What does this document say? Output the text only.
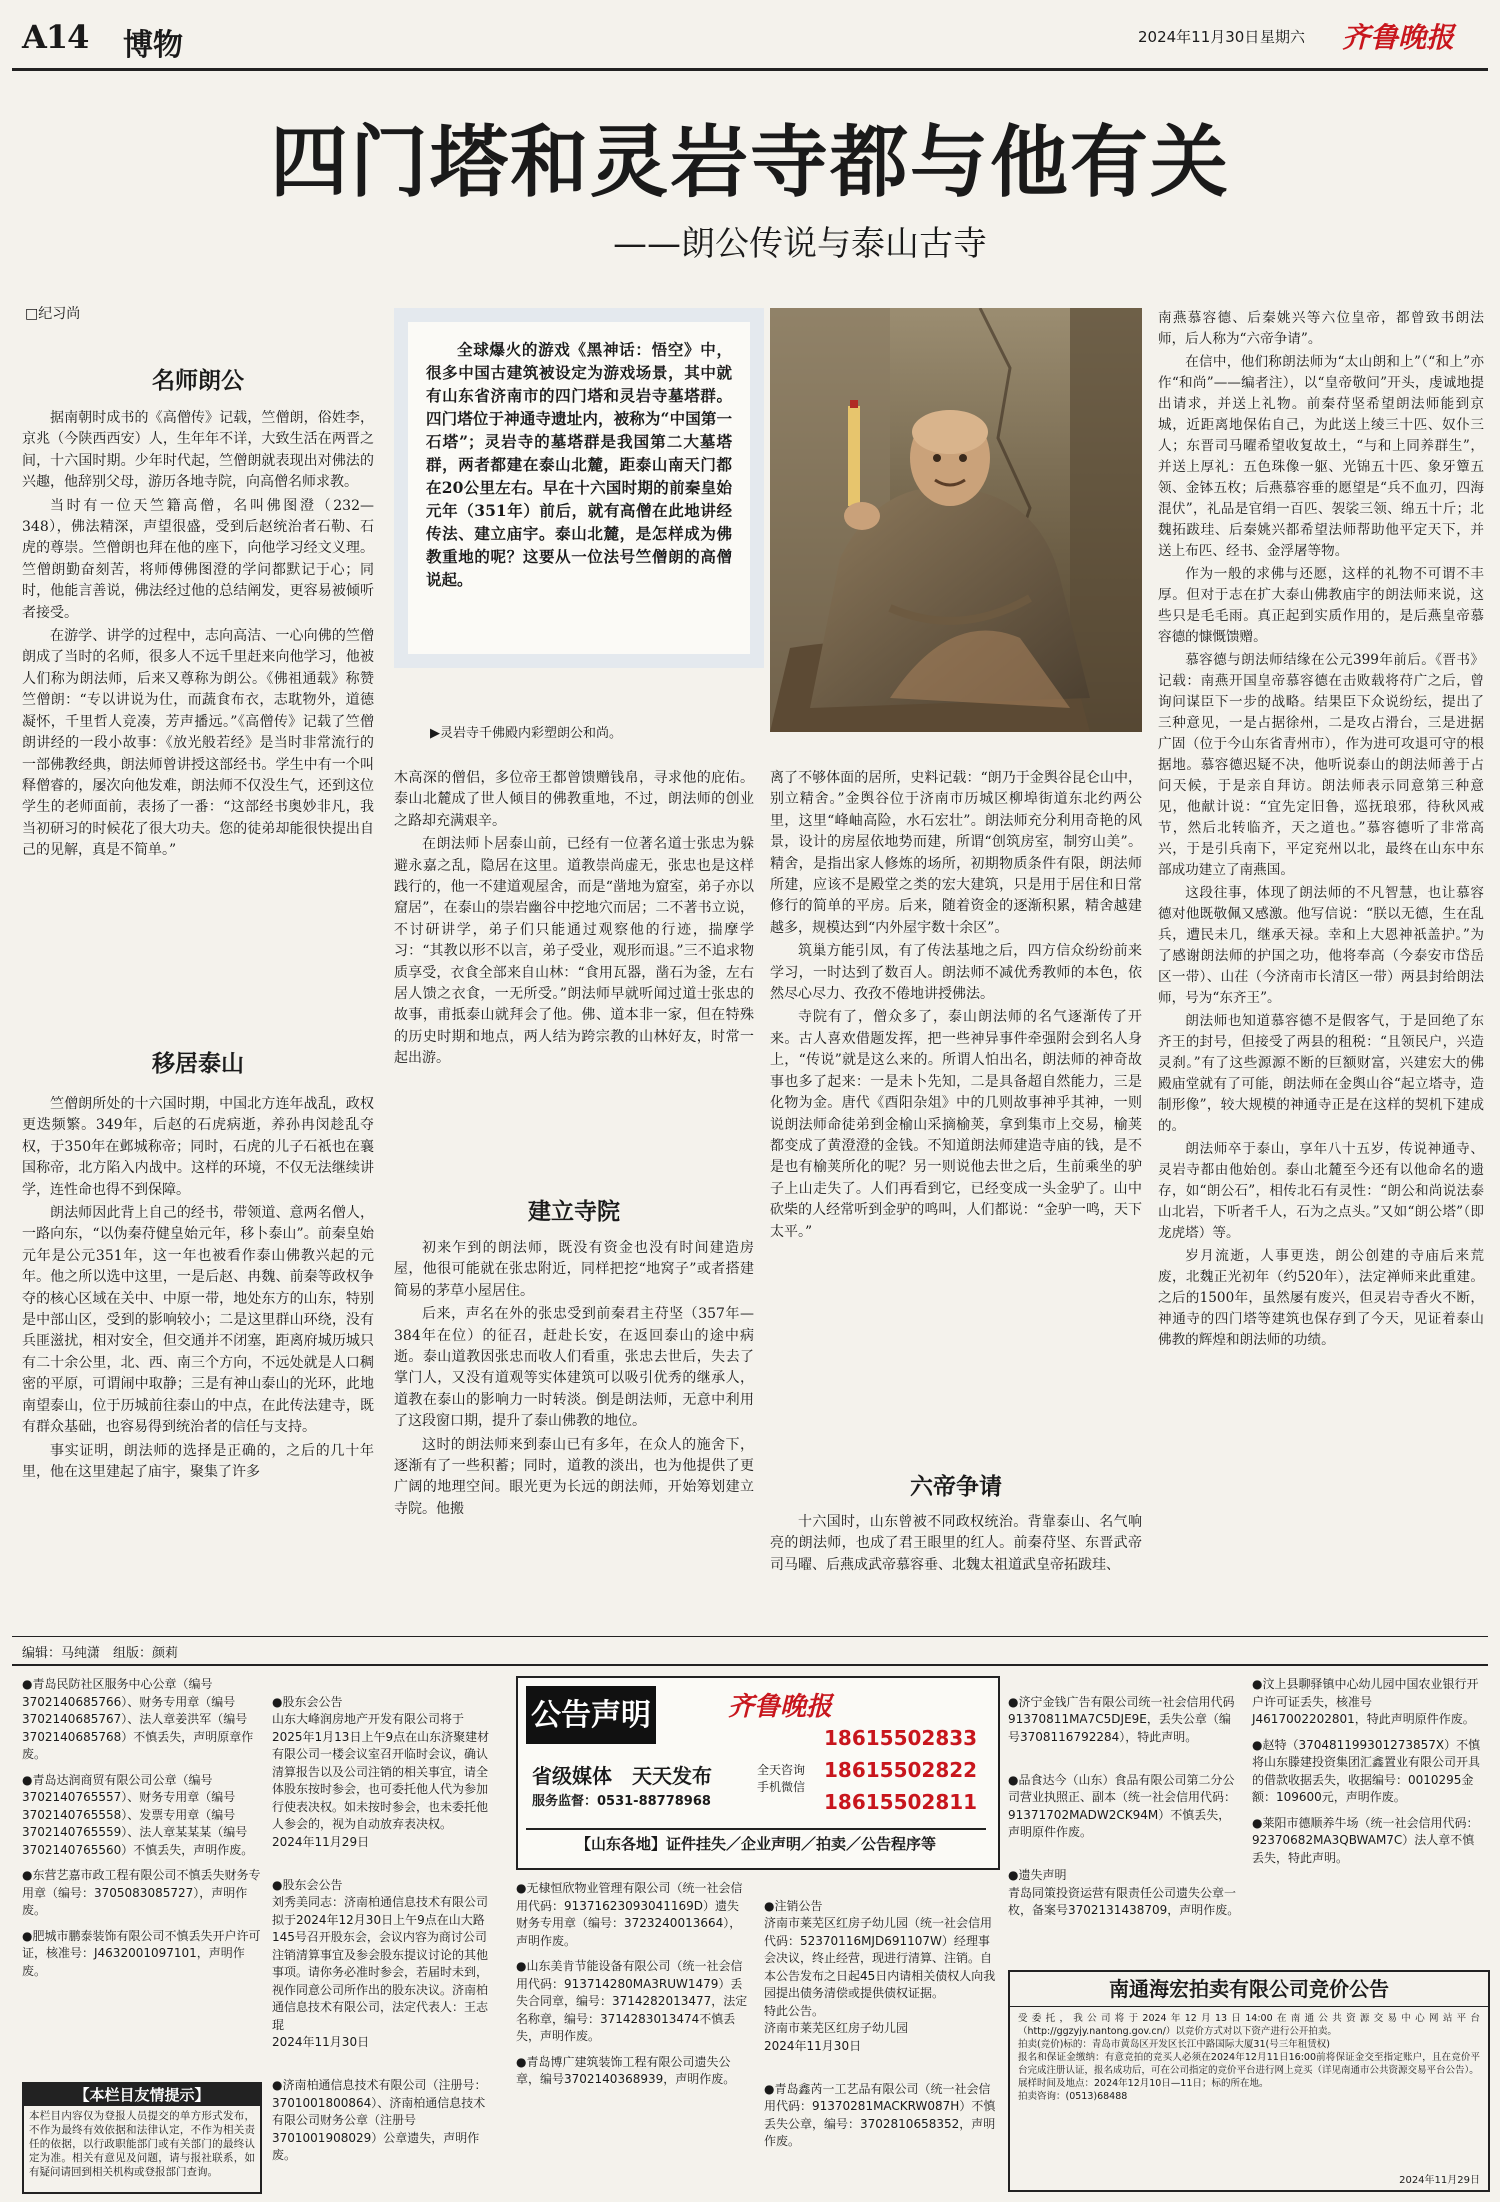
A14 博物	2024年11月30日 星期六 齐鲁晚报
四门塔和灵岩寺都与他有关
——朗公传说与泰山古寺
□纪习尚
全球爆火的游戏《黑神话：悟空》中，很多中国古建筑被设定为游戏场景，其中就有山东省济南市的四门塔和灵岩寺墓塔群。四门塔位于神通寺遗址内，被称为“中国第一石塔”；灵岩寺的墓塔群是我国第二大墓塔群，两者都建在泰山北麓，距泰山南天门都在20公里左右。早在十六国时期的前秦皇始元年（351年）前后，就有高僧在此地讲经传法、建立庙宇。泰山北麓，是怎样成为佛教重地的呢？这要从一位法号竺僧朗的高僧说起。
▶灵岩寺千佛殿内彩塑朗公和尚。
名师朗公

据南朝时成书的《高僧传》记载，竺僧朗，俗姓李，京兆（今陕西西安）人，生年年不详，大致生活在两晋之间，十六国时期。少年时代起，竺僧朗就表现出对佛法的兴趣，他辞别父母，游历各地寺院，向高僧名师求教。

当时有一位天竺籍高僧，名叫佛图澄（232—348），佛法精深，声望很盛，受到后赵统治者石勒、石虎的尊崇。竺僧朗也拜在他的座下，向他学习经文义理。竺僧朗勤奋刻苦，将师傅佛图澄的学问都默记于心；同时，他能言善说，佛法经过他的总结阐发，更容易被倾听者接受。

在游学、讲学的过程中，志向高洁、一心向佛的竺僧朗成了当时的名师，很多人不远千里赶来向他学习，他被人们称为朗法师，后来又尊称为朗公。《佛祖通载》称赞竺僧朗：“专以讲说为仕，而蔬食布衣，志耽物外，道德凝怀，千里哲人竞凑，芳声播远。”《高僧传》记载了竺僧朗讲经的一段小故事：《放光般若经》是当时非常流行的一部佛教经典，朗法师曾讲授这部经书。学生中有一个叫释僧睿的，屡次向他发难，朗法师不仅没生气，还到这位学生的老师面前，表扬了一番：“这部经书奥妙非凡，我当初研习的时候花了很大功夫。您的徒弟却能很快提出自己的见解，真是不简单。”

移居泰山

竺僧朗所处的十六国时期，中国北方连年战乱，政权更迭频繁。349年，后赵的石虎病逝，养孙冉闵趁乱夺权，于350年在邺城称帝；同时，石虎的儿子石祇也在襄国称帝，北方陷入内战中。这样的环境，不仅无法继续讲学，连性命也得不到保障。

朗法师因此背上自己的经书，带领道、意两名僧人，一路向东，“以伪秦苻健皇始元年，移卜泰山”。前秦皇始元年是公元351年，这一年也被看作泰山佛教兴起的元年。他之所以选中这里，一是后赵、冉魏、前秦等政权争夺的核心区域在关中、中原一带，地处东方的山东，特别是中部山区，受到的影响较小；二是这里群山环绕，没有兵匪滋扰，相对安全，但交通并不闭塞，距离府城历城只有二十余公里，北、西、南三个方向，不远处就是人口稠密的平原，可谓闹中取静；三是有神山泰山的光环，此地南望泰山，位于历城前往泰山的中点，在此传法建寺，既有群众基础，也容易得到统治者的信任与支持。

事实证明，朗法师的选择是正确的，之后的几十年里，他在这里建起了庙宇，聚集了许多

木高深的僧侣，多位帝王都曾馈赠钱帛，寻求他的庇佑。泰山北麓成了世人倾目的佛教重地，不过，朗法师的创业之路却充满艰辛。

在朗法师卜居泰山前，已经有一位著名道士张忠为躲避永嘉之乱，隐居在这里。道教崇尚虚无，张忠也是这样践行的，他一不建道观屋舍，而是“凿地为窟室，弟子亦以窟居”，在泰山的崇岩幽谷中挖地穴而居；二不著书立说，不讨研讲学，弟子们只能通过观察他的行迹，揣摩学习：“其教以形不以言，弟子受业，观形而退。”三不追求物质享受，衣食全部来自山林：“食用瓦器，凿石为釜，左右居人馈之衣食，一无所受。”朗法师早就听闻过道士张忠的故事，甫抵泰山就拜会了他。佛、道本非一家，但在特殊的历史时期和地点，两人结为跨宗教的山林好友，时常一起出游。

建立寺院

初来乍到的朗法师，既没有资金也没有时间建造房屋，他很可能就在张忠附近，同样把挖“地窝子”或者搭建简易的茅草小屋居住。

后来，声名在外的张忠受到前秦君主苻坚（357年—384年在位）的征召，赶赴长安，在返回泰山的途中病逝。泰山道教因张忠而收人们看重，张忠去世后，失去了掌门人，又没有道观等实体建筑可以吸引优秀的继承人，道教在泰山的影响力一时转淡。倒是朗法师，无意中利用了这段窗口期，提升了泰山佛教的地位。

这时的朗法师来到泰山已有多年，在众人的施舍下，逐渐有了一些积蓄；同时，道教的淡出，也为他提供了更广阔的地理空间。眼光更为长远的朗法师，开始筹划建立寺院。他搬

离了不够体面的居所，史料记载：“朗乃于金舆谷昆仑山中，别立精舍。”金舆谷位于济南市历城区柳埠街道东北约两公里，这里“峰岫高险，水石宏壮”。朗法师充分利用奇艳的风景，设计的房屋依地势而建，所谓“创筑房室，制穷山美”。精舍，是指出家人修炼的场所，初期物质条件有限，朗法师所建，应该不是殿堂之类的宏大建筑，只是用于居住和日常修行的简单的平房。后来，随着资金的逐渐积累，精舍越建越多，规模达到“内外屋宇数十余区”。

筑巢方能引凤，有了传法基地之后，四方信众纷纷前来学习，一时达到了数百人。朗法师不减优秀教师的本色，依然尽心尽力、孜孜不倦地讲授佛法。

寺院有了，僧众多了，泰山朗法师的名气逐渐传了开来。古人喜欢借题发挥，把一些神异事件牵强附会到名人身上，“传说”就是这么来的。所谓人怕出名，朗法师的神奇故事也多了起来：一是未卜先知，二是具备超自然能力，三是化物为金。唐代《酉阳杂俎》中的几则故事神乎其神，一则说朗法师命徒弟到金榆山采摘榆荚，拿到集市上交易，榆荚都变成了黄澄澄的金钱。不知道朗法师建造寺庙的钱，是不是也有榆荚所化的呢？另一则说他去世之后，生前乘坐的驴子上山走失了。人们再看到它，已经变成一头金驴了。山中砍柴的人经常听到金驴的鸣叫，人们都说：“金驴一鸣，天下太平。”

六帝争请

十六国时，山东曾被不同政权统治。背靠泰山、名气响亮的朗法师，也成了君王眼里的红人。前秦苻坚、东晋武帝司马曜、后燕成武帝慕容垂、北魏太祖道武皇帝拓跋珪、

南燕慕容德、后秦姚兴等六位皇帝，都曾致书朗法师，后人称为“六帝争请”。

在信中，他们称朗法师为“太山朗和上”（“和上”亦作“和尚”——编者注），以“皇帝敬问”开头，虔诚地提出请求，并送上礼物。前秦苻坚希望朗法师能到京城，近距离地保佑自己，为此送上绫三十匹、奴仆三人；东晋司马曜希望收复故土，“与和上同养群生”，并送上厚礼：五色珠像一躯、光锦五十匹、象牙簟五领、金钵五枚；后燕慕容垂的愿望是“兵不血刃，四海混伏”，礼品是官绢一百匹、袈裟三领、绵五十斤；北魏拓跋珪、后秦姚兴都希望法师帮助他平定天下，并送上布匹、经书、金浮屠等物。

作为一般的求佛与还愿，这样的礼物不可谓不丰厚。但对于志在扩大泰山佛教庙宇的朗法师来说，这些只是毛毛雨。真正起到实质作用的，是后燕皇帝慕容德的慷慨馈赠。

慕容德与朗法师结缘在公元399年前后。《晋书》记载：南燕开国皇帝慕容德在击败载将苻广之后，曾询问谋臣下一步的战略。结果臣下众说纷纭，提出了三种意见，一是占据徐州，二是攻占滑台，三是进据广固（位于今山东省青州市），作为进可攻退可守的根据地。慕容德迟疑不决，他听说泰山的朗法师善于占问天候，于是亲自拜访。朗法师表示同意第三种意见，他献计说：“宜先定旧鲁，巡抚琅邪，待秋风戒节，然后北转临齐，天之道也。”慕容德听了非常高兴，于是引兵南下，平定兖州以北，最终在山东中东部成功建立了南燕国。

这段往事，体现了朗法师的不凡智慧，也让慕容德对他既敬佩又感激。他写信说：“朕以无德，生在乱兵，遭民未几，继承天禄。幸和上大恩神祇盖护。”为了感谢朗法师的护国之功，他将奉高（今泰安市岱岳区一带）、山茌（今济南市长清区一带）两县封给朗法师，号为“东齐王”。

朗法师也知道慕容德不是假客气，于是回绝了东齐王的封号，但接受了两县的租税：“且领民户，兴造灵刹。”有了这些源源不断的巨额财富，兴建宏大的佛殿庙堂就有了可能，朗法师在金舆山谷“起立塔寺，造制形像”，较大规模的神通寺正是在这样的契机下建成的。

朗法师卒于泰山，享年八十五岁，传说神通寺、灵岩寺都由他始创。泰山北麓至今还有以他命名的遗存，如“朗公石”，相传北石有灵性：“朗公和尚说法泰山北岩，下听者千人，石为之点头。”又如“朗公塔”（即龙虎塔）等。

岁月流逝，人事更迭，朗公创建的寺庙后来荒废，北魏正光初年（约520年），法定禅师来此重建。之后的1500年，虽然屡有废兴，但灵岩寺香火不断，神通寺的四门塔等建筑也保存到了今天，见证着泰山佛教的辉煌和朗法师的功绩。

编辑：马纯潇　组版：颜莉

●青岛民防社区服务中心公章（编号3702140685766）、财务专用章（编号3702140685767）、法人章姜洪军（编号3702140685768）不慎丢失，声明原章作废。

●青岛达润商贸有限公司公章（编号3702140765557）、财务专用章（编号3702140765558）、发票专用章（编号3702140765559）、法人章某某某（编号3702140765560）不慎丢失，声明作废。

●东营艺嘉市政工程有限公司不慎丢失财务专用章（编号：3705083085727），声明作废。

●肥城市鹏泰装饰有限公司不慎丢失开户许可证，核准号：J4632001097101，声明作废。

【本栏目友情提示】
本栏目内容仅为登报人员提交的单方形式发布，不作为最终有效依据和法律认定，不作为相关责任的依据，以行政职能部门或有关部门的最终认定为准。相关有意见及问题，请与报社联系，如有疑问请回到相关机构或登报部门查询。

●股东会公告
山东大峰润房地产开发有限公司将于2025年1月13日上午9点在山东济聚建材有限公司一楼会议室召开临时会议，确认清算报告以及公司注销的相关事宜，请全体股东按时参会，也可委托他人代为参加行使表决权。如未按时参会，也未委托他人参会的，视为自动放弃表决权。
2024年11月29日

●股东会公告
刘秀美同志：济南柏通信息技术有限公司拟于2024年12月30日上午9点在山大路145号召开股东会，会议内容为商讨公司注销清算事宜及参会股东提议讨论的其他事项。请你务必准时参会，若届时未到，视作同意公司所作出的股东决议。济南柏通信息技术有限公司，法定代表人：王志琨
2024年11月30日

●济南柏通信息技术有限公司（注册号：3701001800864）、济南柏通信息技术有限公司财务公章（注册号3701001908029）公章遗失，声明作废。

公告声明	齐鲁晚报
省级媒体　天天发布
服务监督：0531-88778968
全天咨询
手机微信
18615502833
18615502822
18615502811
【山东各地】证件挂失／企业声明／拍卖／公告程序等

●无棣恒欣物业管理有限公司（统一社会信用代码：91371623093041169D）遗失财务专用章（编号：3723240013664），声明作废。

●山东美肯节能设备有限公司（统一社会信用代码：913714280MA3RUW1479）丢失合同章，编号：3714282013477，法定名称章，编号：3714283013474不慎丢失，声明作废。

●青岛博广建筑装饰工程有限公司遗失公章，编号3702140368939，声明作废。

●注销公告
济南市莱芜区红房子幼儿园（统一社会信用代码：52370116MJD691107W）经理事会决议，终止经营，现进行清算、注销。自本公告发布之日起45日内请相关债权人向我园提出债务清偿或提供债权证据。
特此公告。
济南市莱芜区红房子幼儿园
2024年11月30日

●青岛鑫芮一工艺品有限公司（统一社会信用代码：91370281MACKRW087H）不慎丢失公章，编号：3702810658352，声明作废。

●济宁金钱广告有限公司统一社会信用代码91370811MA7C5DJE9E，丢失公章（编号3708116792284），特此声明。

●品食达今（山东）食品有限公司第二分公司营业执照正、副本（统一社会信用代码：91371702MADW2CK94M）不慎丢失，声明原件作废。

●遗失声明
青岛同策投资运营有限责任公司遗失公章一枚，备案号3702131438709，声明作废。

●汶上县聊驿镇中心幼儿园中国农业银行开户许可证丢失，核准号J4617002202801，特此声明原件作废。

●赵特（370481199301273857X）不慎将山东滕建投资集团汇鑫置业有限公司开具的借款收据丢失，收据编号：0010295金额：109600元，声明作废。

●莱阳市德顺养牛场（统一社会信用代码：92370682MA3QBWAM7C）法人章不慎丢失，特此声明。

南通海宏拍卖有限公司竞价公告
受委托，我公司将于2024年12月13日14:00在南通公共资源交易中心网站平台（http://ggzyjy.nantong.gov.cn/）以竞价方式对以下资产进行公开拍卖。
拍卖(竞价)标的：青岛市黄岛区开发区长江中路国际大厦31(号三年租赁权)
报名和保证金缴纳：有意竞拍的竞买人必须在2024年12月11日16:00前将保证金交至指定账户，且在竞价平台完成注册认证，报名成功后，可在公司指定的竞价平台进行网上竞买（详见南通市公共资源交易平台公告）。
展样时间及地点：2024年12月10日—11日；标的所在地。
拍卖咨询：(0513)68488
2024年11月29日
